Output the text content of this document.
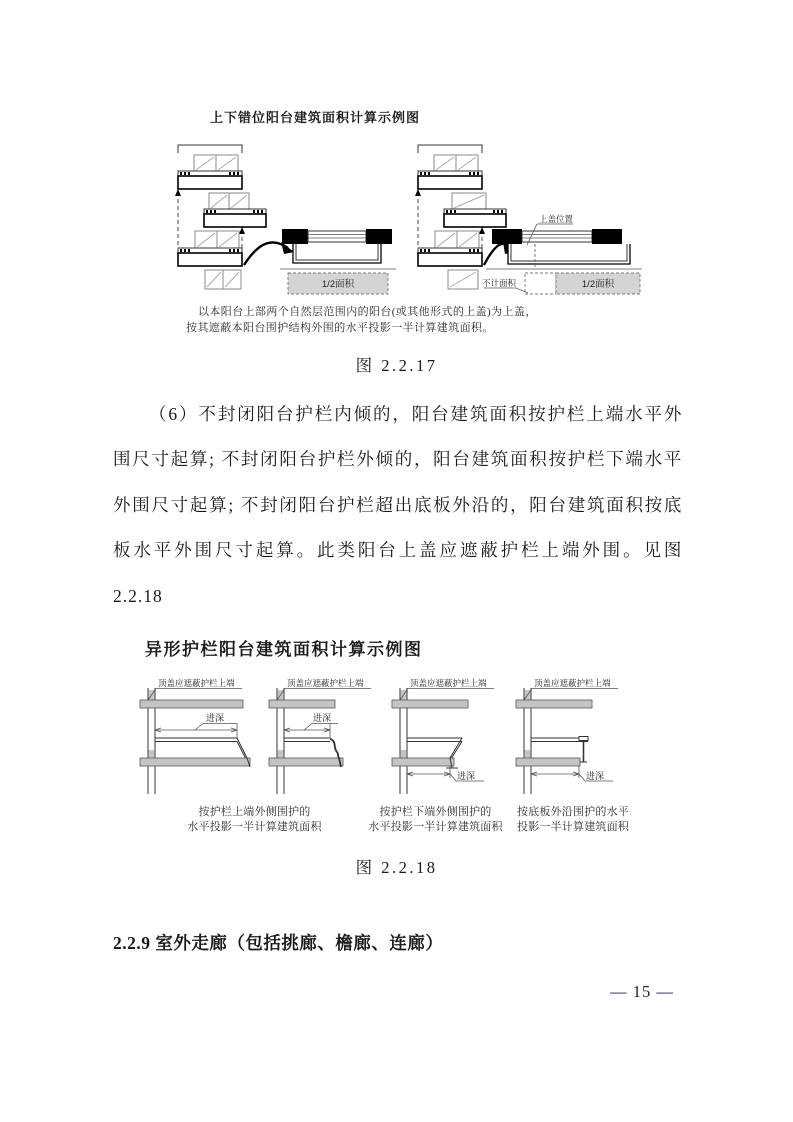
上下错位阳台建筑面积计算示例图
1/2面积
上盖位置
1/2面积
不计面积
以本阳台上部两个自然层范围内的阳台(或其他形式的上盖)为上盖，
按其遮蔽本阳台围护结构外围的水平投影一半计算建筑面积。
图 2.2.17
（6）不封闭阳台护栏内倾的，阳台建筑面积按护栏上端水平外
围尺寸起算; 不封闭阳台护栏外倾的，阳台建筑面积按护栏下端水平
外围尺寸起算; 不封闭阳台护栏超出底板外沿的，阳台建筑面积按底
板水平外围尺寸起算。此类阳台上盖应遮蔽护栏上端外围。见图
2.2.18
异形护栏阳台建筑面积计算示例图
顶盖应遮蔽护栏上端
进深
顶盖应遮蔽护栏上端
进深
顶盖应遮蔽护栏上端
进深
顶盖应遮蔽护栏上端
进深
按护栏上端外侧围护的
水平投影一半计算建筑面积
按护栏下端外侧围护的
水平投影一半计算建筑面积
按底板外沿围护的水平
投影一半计算建筑面积
图 2.2.18
2.2.9 室外走廊（包括挑廊、檐廊、连廊）
— 15 —
